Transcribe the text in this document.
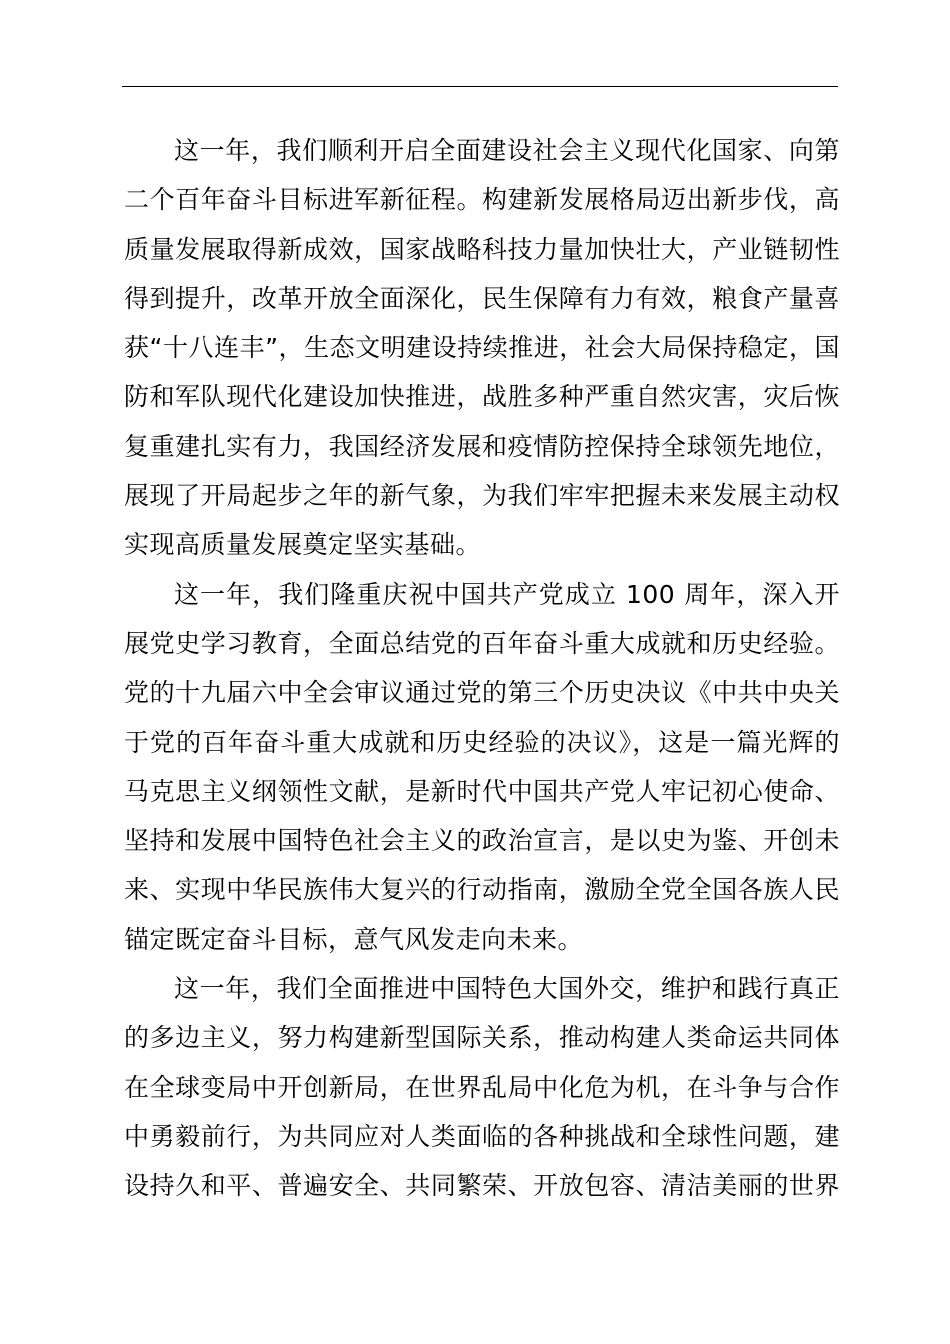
这一年，我们顺利开启全面建设社会主义现代化国家、向第
二个百年奋斗目标进军新征程。构建新发展格局迈出新步伐，高
质量发展取得新成效，国家战略科技力量加快壮大，产业链韧性
得到提升，改革开放全面深化，民生保障有力有效，粮食产量喜
获“十八连丰”，生态文明建设持续推进，社会大局保持稳定，国
防和军队现代化建设加快推进，战胜多种严重自然灾害，灾后恢
复重建扎实有力，我国经济发展和疫情防控保持全球领先地位，
展现了开局起步之年的新气象，为我们牢牢把握未来发展主动权
实现高质量发展奠定坚实基础。
这一年，我们隆重庆祝中国共产党成立 100 周年，深入开
展党史学习教育，全面总结党的百年奋斗重大成就和历史经验。
党的十九届六中全会审议通过党的第三个历史决议《中共中央关
于党的百年奋斗重大成就和历史经验的决议》，这是一篇光辉的
马克思主义纲领性文献，是新时代中国共产党人牢记初心使命、
坚持和发展中国特色社会主义的政治宣言，是以史为鉴、开创未
来、实现中华民族伟大复兴的行动指南，激励全党全国各族人民
锚定既定奋斗目标，意气风发走向未来。
这一年，我们全面推进中国特色大国外交，维护和践行真正
的多边主义，努力构建新型国际关系，推动构建人类命运共同体
在全球变局中开创新局，在世界乱局中化危为机，在斗争与合作
中勇毅前行，为共同应对人类面临的各种挑战和全球性问题，建
设持久和平、普遍安全、共同繁荣、开放包容、清洁美丽的世界
